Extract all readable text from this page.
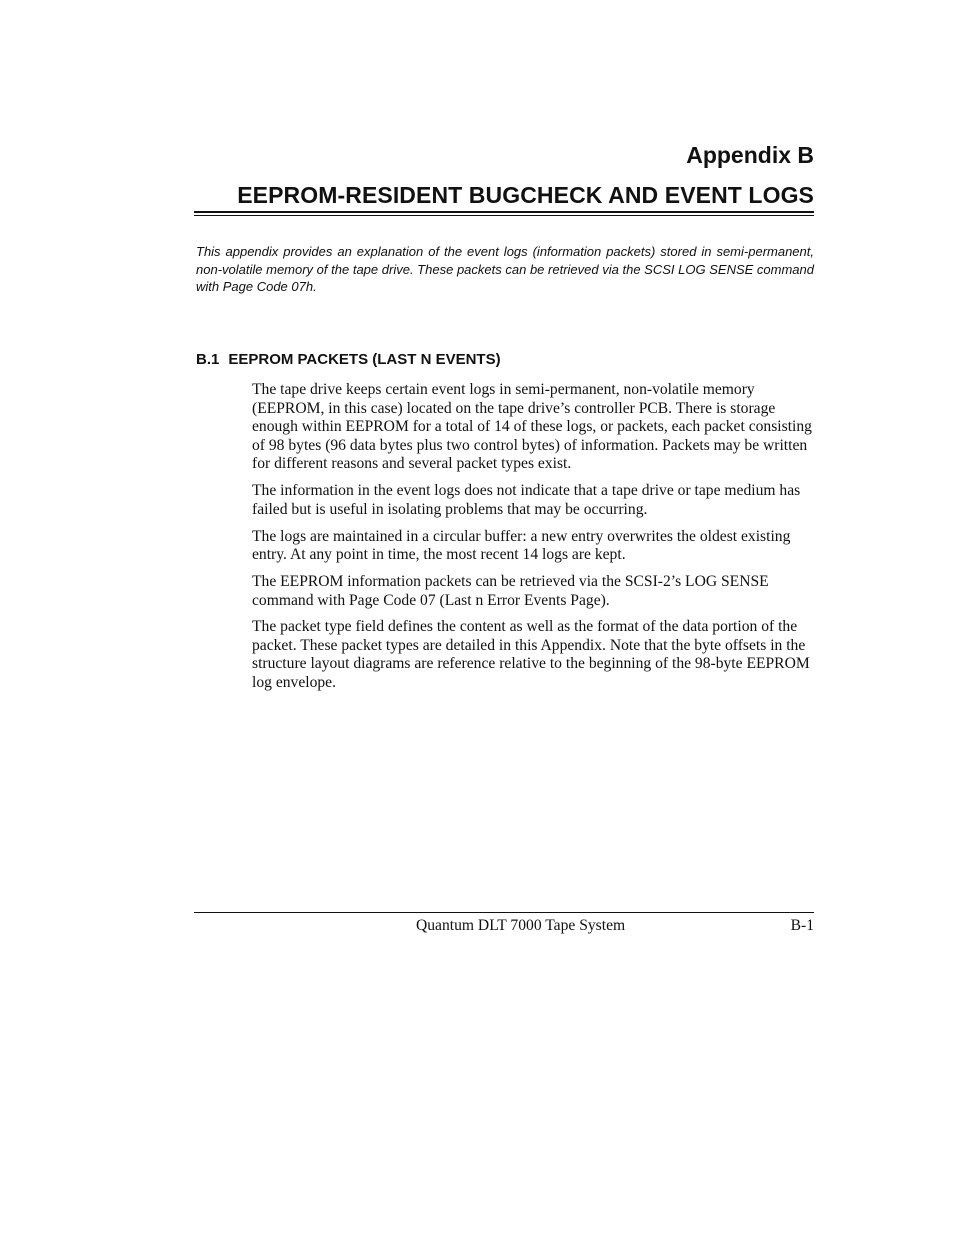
Appendix B
EEPROM-RESIDENT BUGCHECK AND EVENT LOGS

This appendix provides an explanation of the event logs (information packets) stored in semi-permanent, non-volatile memory of the tape drive. These packets can be retrieved via the SCSI LOG SENSE command with Page Code 07h.

B.1 EEPROM PACKETS (LAST N EVENTS)

The tape drive keeps certain event logs in semi-permanent, non-volatile memory (EEPROM, in this case) located on the tape drive’s controller PCB. There is storage enough within EEPROM for a total of 14 of these logs, or packets, each packet consisting of 98 bytes (96 data bytes plus two control bytes) of information. Packets may be written for different reasons and several packet types exist.

The information in the event logs does not indicate that a tape drive or tape medium has failed but is useful in isolating problems that may be occurring.

The logs are maintained in a circular buffer: a new entry overwrites the oldest existing entry. At any point in time, the most recent 14 logs are kept.

The EEPROM information packets can be retrieved via the SCSI-2’s LOG SENSE command with Page Code 07 (Last n Error Events Page).

The packet type field defines the content as well as the format of the data portion of the packet. These packet types are detailed in this Appendix. Note that the byte offsets in the structure layout diagrams are reference relative to the beginning of the 98-byte EEPROM log envelope.

Quantum DLT 7000 Tape System	B-1
